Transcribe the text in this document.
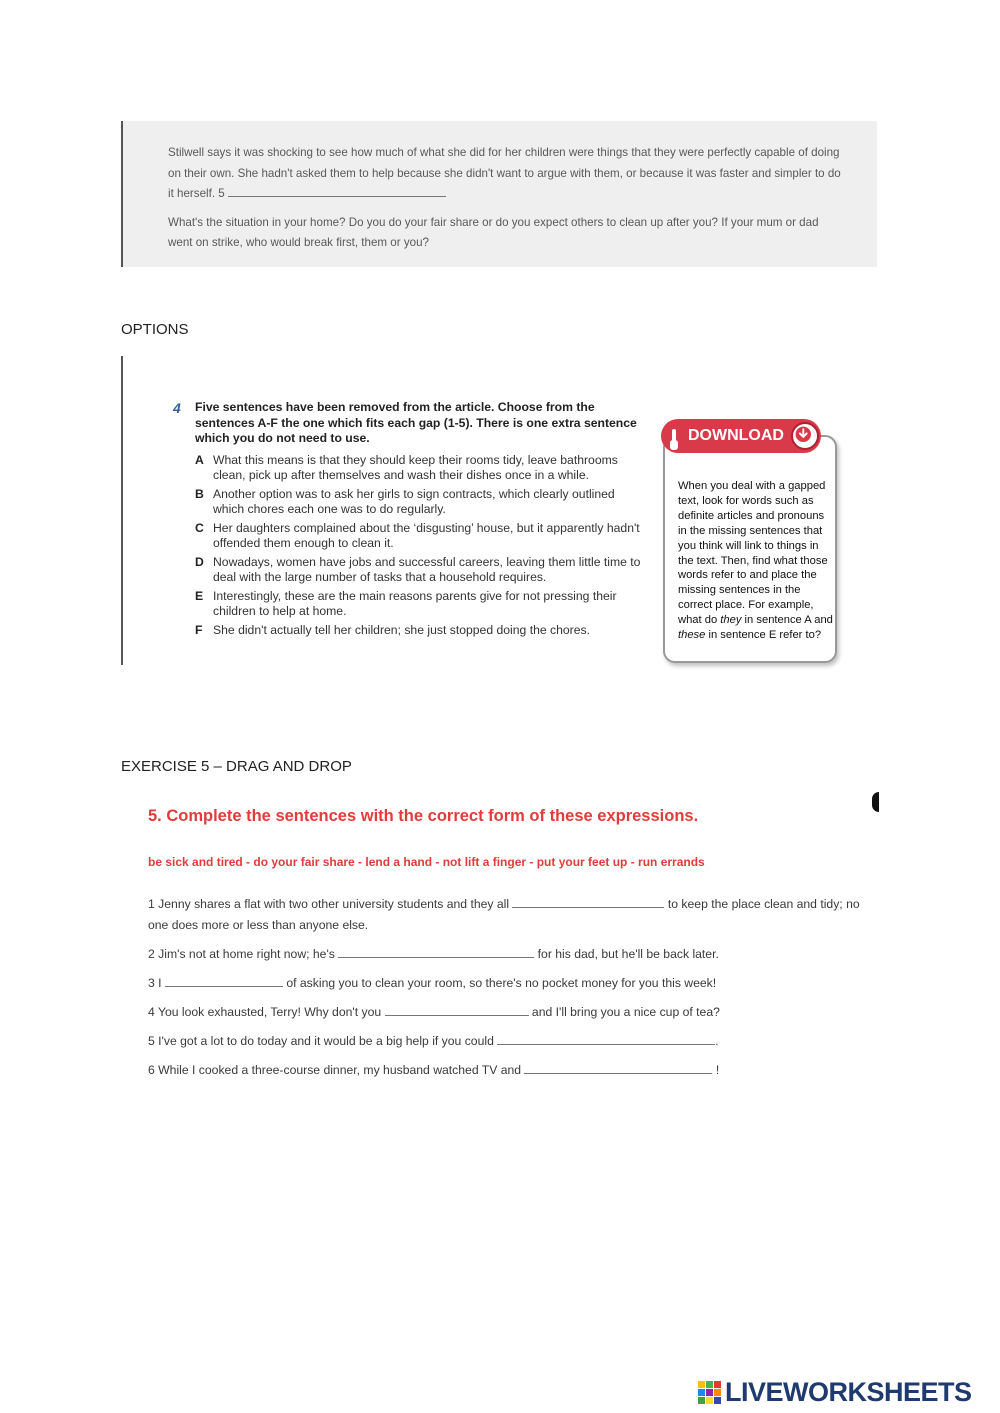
Stilwell says it was shocking to see how much of what she did for her children were things that they were perfectly capable of doing on their own. She hadn't asked them to help because she didn't want to argue with them, or because it was faster and simpler to do it herself. 5

What's the situation in your home? Do you do your fair share or do you expect others to clean up after you? If your mum or dad went on strike, who would break first, them or you?

OPTIONS
4 Five sentences have been removed from the article. Choose from the sentences A-F the one which fits each gap (1-5). There is one extra sentence which you do not need to use.
A What this means is that they should keep their rooms tidy, leave bathrooms clean, pick up after themselves and wash their dishes once in a while.
B Another option was to ask her girls to sign contracts, which clearly outlined which chores each one was to do regularly.
C Her daughters complained about the ‘disgusting’ house, but it apparently hadn't offended them enough to clean it.
D Nowadays, women have jobs and successful careers, leaving them little time to deal with the large number of tasks that a household requires.
E Interestingly, these are the main reasons parents give for not pressing their children to help at home.
F She didn't actually tell her children; she just stopped doing the chores.
When you deal with a gapped text, look for words such as definite articles and pronouns in the missing sentences that you think will link to things in the text. Then, find what those words refer to and place the missing sentences in the correct place. For example, what do they in sentence A and these in sentence E refer to?
DOWNLOAD
EXERCISE 5 – DRAG AND DROP
5. Complete the sentences with the correct form of these expressions.
be sick and tired - do your fair share - lend a hand - not lift a finger - put your feet up - run errands
1 Jenny shares a flat with two other university students and they all	to keep the place clean and tidy; no one does more or less than anyone else.
2 Jim's not at home right now; he's	for his dad, but he'll be back later.
3 I	of asking you to clean your room, so there's no pocket money for you this week!
4 You look exhausted, Terry! Why don't you	and I'll bring you a nice cup of tea?
5 I've got a lot to do today and it would be a big help if you could	.
6 While I cooked a three-course dinner, my husband watched TV and	!
LIVEWORKSHEETS
